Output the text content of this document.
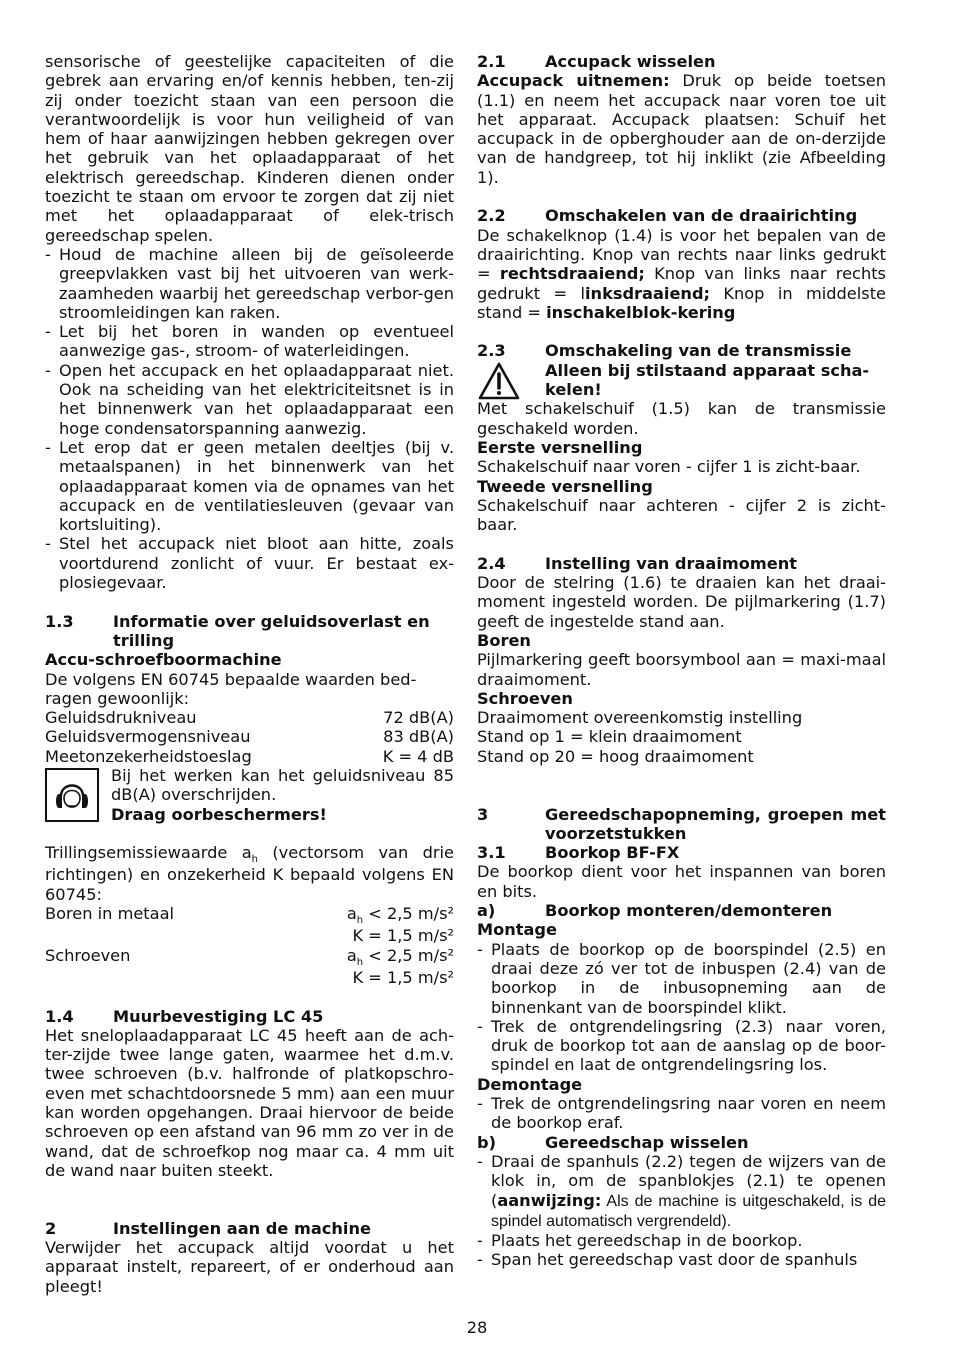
sensorische of geestelijke capaciteiten of die gebrek aan ervaring en/of kennis hebben, ten-zij zij onder toezicht staan van een persoon die verantwoordelijk is voor hun veiligheid of van hem of haar aanwijzingen hebben gekregen over het gebruik van het oplaadapparaat of het elektrisch gereedschap. Kinderen dienen onder toezicht te staan om ervoor te zorgen dat zij niet met het oplaadapparaat of elek-trisch gereedschap spelen.

- Houd de machine alleen bij de geïsoleerde greepvlakken vast bij het uitvoeren van werk-zaamheden waarbij het gereedschap verbor-gen stroomleidingen kan raken.

- Let bij het boren in wanden op eventueel aanwezige gas-, stroom- of waterleidingen.

- Open het accupack en het oplaadapparaat niet. Ook na scheiding van het elektriciteitsnet is in het binnenwerk van het oplaadapparaat een hoge condensatorspanning aanwezig.

- Let erop dat er geen metalen deeltjes (bij v. metaalspanen) in het binnenwerk van het oplaadapparaat komen via de opnames van het accupack en de ventilatiesleuven (gevaar van kortsluiting).

- Stel het accupack niet bloot aan hitte, zoals voortdurend zonlicht of vuur. Er bestaat ex-plosiegevaar.

1.3 Informatie over geluidsoverlast en trilling

Accu-schroefboormachine

De volgens EN 60745 bepaalde waarden bed-ragen gewoonlijk:

Geluidsdrukniveau	72 dB(A)
Geluidsvermogensniveau	83 dB(A)
Meetonzekerheidstoeslag	K = 4 dB
Bij het werken kan het geluidsniveau 85 dB(A) overschrijden.
Draag oorbeschermers!

Trillingsemissiewaarde $a_h$ (vectorsom van drie richtingen) en onzekerheid K bepaald volgens EN 60745:

Boren in metaal	$a_h < 2,5$ m/s²
K = 1,5 m/s²
Schroeven	$a_h < 2,5$ m/s²
K = 1,5 m/s²

1.4 Muurbevestiging LC 45

Het sneloplaadapparaat LC 45 heeft aan de ach-ter-zijde twee lange gaten, waarmee het d.m.v. twee schroeven (b.v. halfronde of platkopschro-even met schachtdoorsnede 5 mm) aan een muur kan worden opgehangen. Draai hiervoor de beide schroeven op een afstand van 96 mm zo ver in de wand, dat de schroefkop nog maar ca. 4 mm uit de wand naar buiten steekt.

2	Instellingen aan de machine

Verwijder het accupack altijd voordat u het apparaat instelt, repareert, of er onderhoud aan pleegt!

2.1 Accupack wisselen

Accupack uitnemen: Druk op beide toetsen (1.1) en neem het accupack naar voren toe uit het apparaat. Accupack plaatsen: Schuif het accupack in de opberghouder aan de on-derzijde van de handgreep, tot hij inklikt (zie Afbeelding 1).

2.2 Omschakelen van de draairichting

De schakelknop (1.4) is voor het bepalen van de draairichting. Knop van rechts naar links gedrukt = rechtsdraaiend; Knop van links naar rechts gedrukt = linksdraaiend; Knop in middelste stand = inschakelblok-kering

2.3 Omschakeling van de transmissie

Alleen bij stilstaand apparaat scha-kelen!

Met schakelschuif (1.5) kan de transmissie geschakeld worden.

Eerste versnelling

Schakelschuif naar voren - cijfer 1 is zicht-baar.

Tweede versnelling

Schakelschuif naar achteren - cijfer 2 is zicht-baar.

2.4 Instelling van draaimoment

Door de stelring (1.6) te draaien kan het draai-moment ingesteld worden. De pijlmarkering (1.7) geeft de ingestelde stand aan.

Boren

Pijlmarkering geeft boorsymbool aan = maxi-maal draaimoment.

Schroeven

Draaimoment overeenkomstig instelling

Stand op 1 = klein draaimoment

Stand op 20 = hoog draaimoment

3	Gereedschapopneming, groepen met voorzetstukken

3.1 Boorkop BF-FX

De boorkop dient voor het inspannen van boren en bits.

a)	Boorkop monteren/demonteren

Montage

- Plaats de boorkop op de boorspindel (2.5) en draai deze zó ver tot de inbuspen (2.4) van de boorkop in de inbusopneming aan de binnenkant van de boorspindel klikt.

- Trek de ontgrendelingsring (2.3) naar voren, druk de boorkop tot aan de aanslag op de boor-spindel en laat de ontgrendelingsring los.

Demontage

- Trek de ontgrendelingsring naar voren en neem de boorkop eraf.

b)	Gereedschap wisselen

- Draai de spanhuls (2.2) tegen de wijzers van de klok in, om de spanblokjes (2.1) te openen (aanwijzing: Als de machine is uitgeschakeld, is de spindel automatisch vergrendeld).

- Plaats het gereedschap in de boorkop.

- Span het gereedschap vast door de spanhuls

28
